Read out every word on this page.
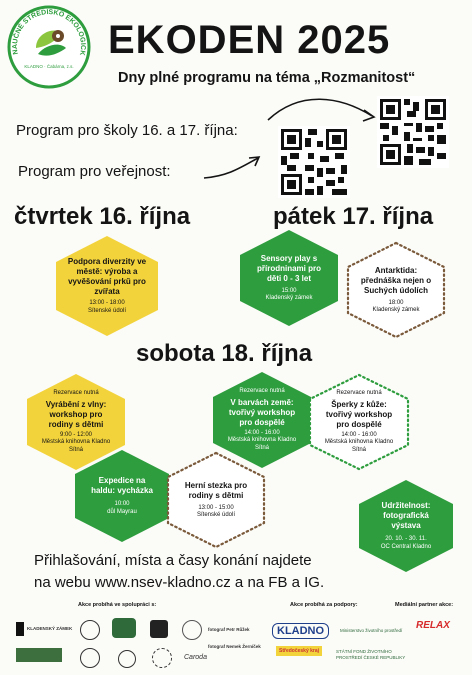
NAUČNÉ STŘEDISKO EKOLOGICK
KLADNO · Čabárna, z.s.
EKODEN 2025
Dny plné programu na téma „Rozmanitost“
Program pro školy 16. a 17. října:
Program pro veřejnost:
čtvrtek 16. října	pátek 17. října
sobota 18. října
Podpora diverzity ve městě: výroba a vyvěšování prkŭ pro zvířata
13:00 - 18:00
Sítenské údolí
Sensory play s přírodninami pro děti 0 - 3 let
15:00
Kladenský zámek
Antarktida: přednáška nejen o Suchých údolích
18:00
Kladenský zámek
Rezervace nutná
Vyrábění z vlny: workshop pro rodiny s dětmi
9:00 - 12:00
Městská knihovna Kladno Sítná
Rezervace nutná
V barvách země: tvořivý workshop pro dospělé
14:00 - 16:00
Městská knihovna Kladno Sítná
Rezervace nutná
Šperky z kůže: tvořivý workshop pro dospělé
14:00 - 16:00
Městská knihovna Kladno Sítná
Expedice na haldu: vycházka
10:00
důl Mayrau
Herní stezka pro rodiny s dětmi
13:00 - 15:00
Sítenské údolí
Udržitelnost: fotografická výstava
20. 10. - 30. 11.
OC Central Kladno
Přihlašování, místa a časy konání najdete
na webu www.nsev-kladno.cz a na FB a IG.
Akce probíhá ve spolupráci s:	Akce probíhá za podpory:	Mediální partner akce:
KLADENSKÝ ZÁMEK	fotograf Petr Růžek
fotograf Nemek Žerníček
Caroda
KLADNO
Středočeský kraj
Ministerstvo životního prostředí
STÁTNÍ FOND ŽIVOTNÍHO PROSTŘEDÍ ČESKÉ REPUBLIKY
RELAX
